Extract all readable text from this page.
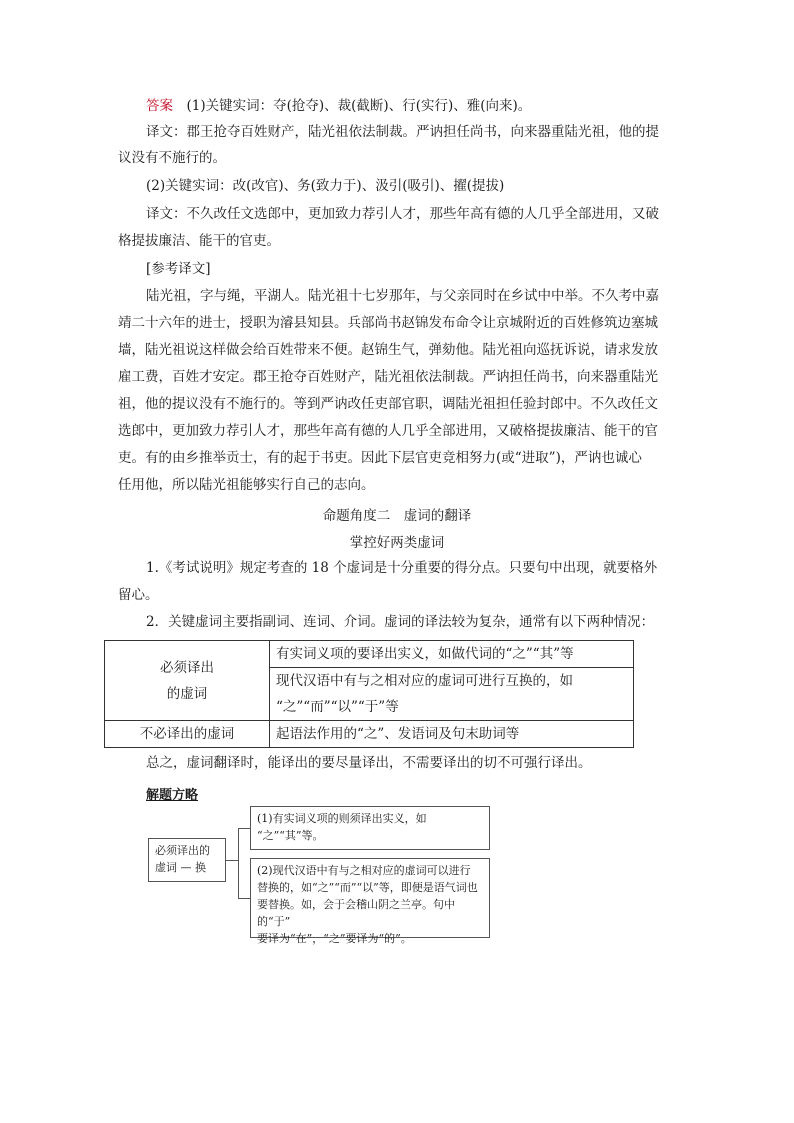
答案　 (1)关键实词：夺(抢夺)、裁(截断)、行(实行)、雅(向来)。
译文：郡王抢夺百姓财产，陆光祖依法制裁。严讷担任尚书，向来器重陆光祖，他的提
议没有不施行的。
(2)关键实词：改(改官)、务(致力于)、汲引(吸引)、擢(提拔)
译文：不久改任文选郎中，更加致力荐引人才，那些年高有德的人几乎全部进用，又破
格提拔廉洁、能干的官吏。
[参考译文]
陆光祖，字与绳，平湖人。陆光祖十七岁那年，与父亲同时在乡试中中举。不久考中嘉
靖二十六年的进士，授职为濬县知县。兵部尚书赵锦发布命令让京城附近的百姓修筑边塞城
墙，陆光祖说这样做会给百姓带来不便。赵锦生气，弹劾他。陆光祖向巡抚诉说，请求发放
雇工费，百姓才安定。郡王抢夺百姓财产，陆光祖依法制裁。严讷担任尚书，向来器重陆光
祖，他的提议没有不施行的。等到严讷改任吏部官职，调陆光祖担任验封郎中。不久改任文
选郎中，更加致力荐引人才，那些年高有德的人几乎全部进用，又破格提拔廉洁、能干的官
吏。有的由乡推举贡士，有的起于书吏。因此下层官吏竞相努力(或“进取”)，严讷也诚心
任用他，所以陆光祖能够实行自己的志向。
命题角度二　虚词的翻译
掌控好两类虚词
1.《考试说明》规定考查的 18 个虚词是十分重要的得分点。只要句中出现，就要格外
留心。
2．关键虚词主要指副词、连词、介词。虚词的译法较为复杂，通常有以下两种情况：
必须译出
的虚词	有实词义项的要译出实义，如做代词的“之”“其”等

	现代汉语中有与之相对应的虚词可进行互换的，如
“之”“而”“以”“于”等

不必译出的虚词	起语法作用的“之”、发语词及句末助词等
总之，虚词翻译时，能译出的要尽量译出，不需要译出的切不可强行译出。
解题方略
必须译出的
虚词 — 换
(1)有实词义项的则须译出实义，如
“之”“其”等。
(2)现代汉语中有与之相对应的虚词可以进行
替换的，如“之”“而”“以”等，即便是语气词也
要替换。如，会于会稽山阴之兰亭。句中的“于”
要译为“在”，“之”要译为“的”。
